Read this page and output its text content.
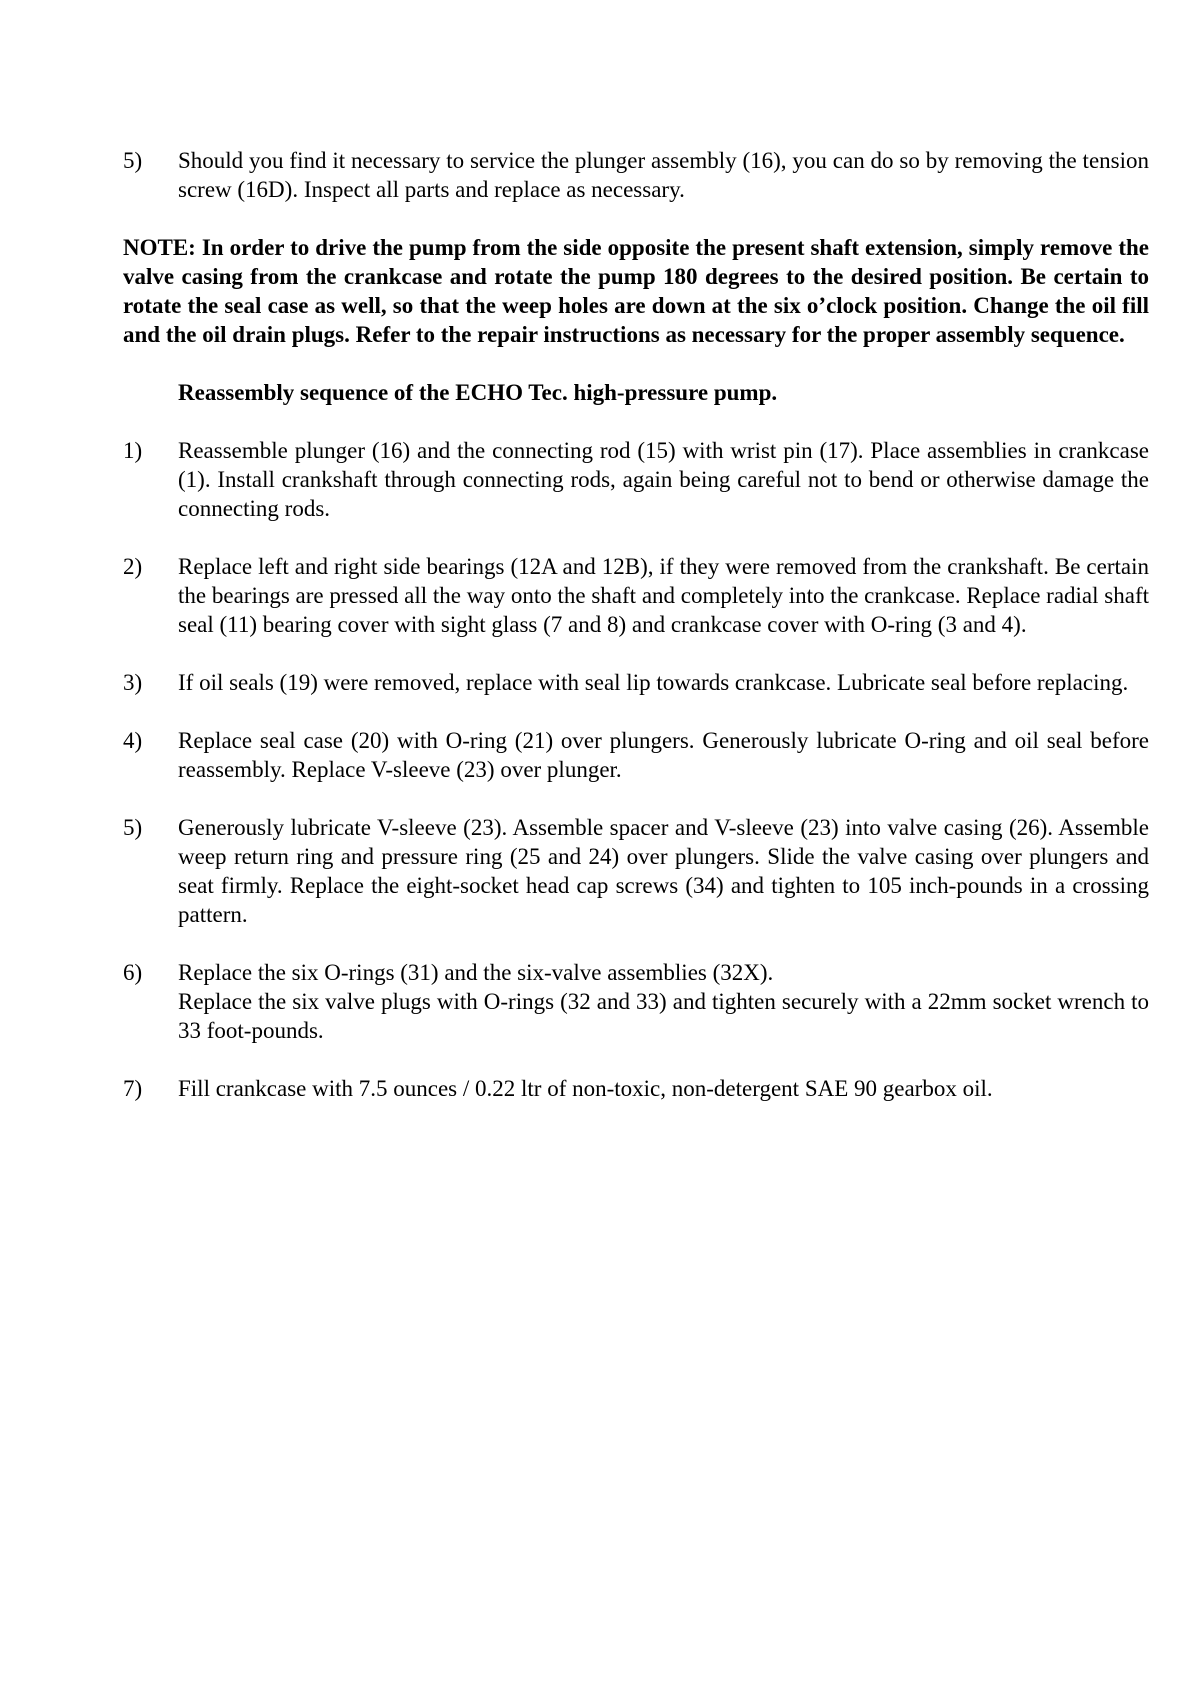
5)	Should you find it necessary to service the plunger assembly (16), you can do so by removing the tension screw (16D). Inspect all parts and replace as necessary.
NOTE: In order to drive the pump from the side opposite the present shaft extension, simply remove the valve casing from the crankcase and rotate the pump 180 degrees to the desired position. Be certain to rotate the seal case as well, so that the weep holes are down at the six o’clock position. Change the oil fill and the oil drain plugs. Refer to the repair instructions as necessary for the proper assembly sequence.
Reassembly sequence of the ECHO Tec. high-pressure pump.
1)	Reassemble plunger (16) and the connecting rod (15) with wrist pin (17). Place assemblies in crankcase (1). Install crankshaft through connecting rods, again being careful not to bend or otherwise damage the connecting rods.
2)	Replace left and right side bearings (12A and 12B), if they were removed from the crankshaft. Be certain the bearings are pressed all the way onto the shaft and completely into the crankcase. Replace radial shaft seal (11) bearing cover with sight glass (7 and 8) and crankcase cover with O-ring (3 and 4).
3)	If oil seals (19) were removed, replace with seal lip towards crankcase. Lubricate seal before replacing.
4)	Replace seal case (20) with O-ring (21) over plungers. Generously lubricate O-ring and oil seal before reassembly. Replace V-sleeve (23) over plunger.
5)	Generously lubricate V-sleeve (23). Assemble spacer and V-sleeve (23) into valve casing (26). Assemble weep return ring and pressure ring (25 and 24) over plungers. Slide the valve casing over plungers and seat firmly. Replace the eight-socket head cap screws (34) and tighten to 105 inch-pounds in a crossing pattern.
6)	Replace the six O-rings (31) and the six-valve assemblies (32X).
Replace the six valve plugs with O-rings (32 and 33) and tighten securely with a 22mm socket wrench to 33 foot-pounds.
7)	Fill crankcase with 7.5 ounces / 0.22 ltr of non-toxic, non-detergent SAE 90 gearbox oil.
